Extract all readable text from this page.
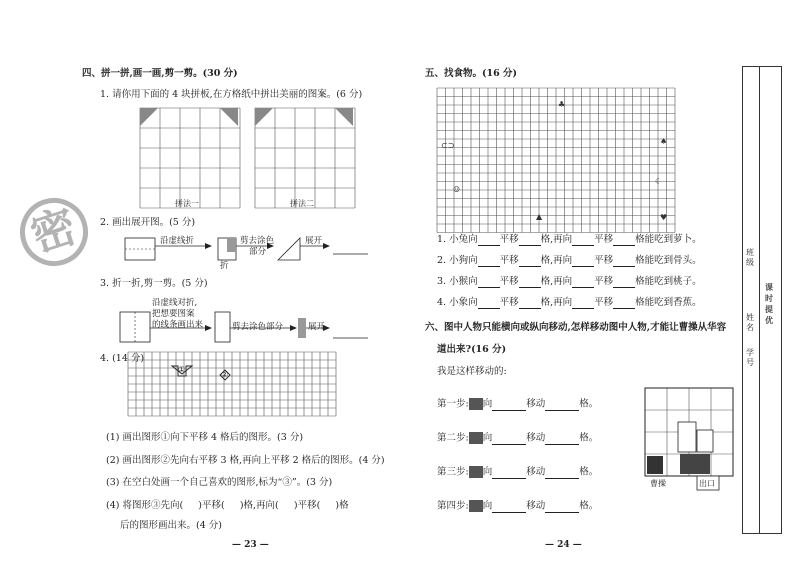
四、拼一拼,画一画,剪一剪。(30 分)
1. 请你用下面的 4 块拼板,在方格纸中拼出美丽的图案。(6 分)
拼法一	拼法二
密	2. 画出展开图。(5 分)
沿虚线折	剪去涂色
部分
折
展开
3. 折一折,剪一剪。(5 分)
沿虚线对折,
把想要图案
的线条画出来	剪去涂色部分	展开
4. (14 分)
①
②
(1) 画出图形①向下平移 4 格后的图形。(3 分)
(2) 画出图形②先向右平移 3 格,再向上平移 2 格后的图形。(4 分)
(3) 在空白处画一个自己喜欢的图形,标为“③”。(3 分)
(4) 将图形③先向( )平移( )格,再向( )平移( )格
后的图形画出来。(4 分)
— 23 —
五、找食物。(16 分)
♣
⊂⊃	♠
☺
☾
▲	♥
1. 小兔向 平移 格,再向 平移 格能吃到萝卜。
2. 小狗向 平移 格,再向 平移 格能吃到骨头。
3. 小猴向 平移 格,再向 平移 格能吃到桃子。
4. 小象向 平移 格,再向 平移 格能吃到香蕉。
六、图中人物只能横向或纵向移动,怎样移动图中人物,才能让曹操从华容
道出来?(16 分)
我是这样移动的:
第一步: 向	移动	格。
第二步: 向	移动	格。
第三步: 向	移动	格。
第四步: 向	移动	格。
曹操	出口
— 24 —
班
级
姓
名
学
号
课时提优
